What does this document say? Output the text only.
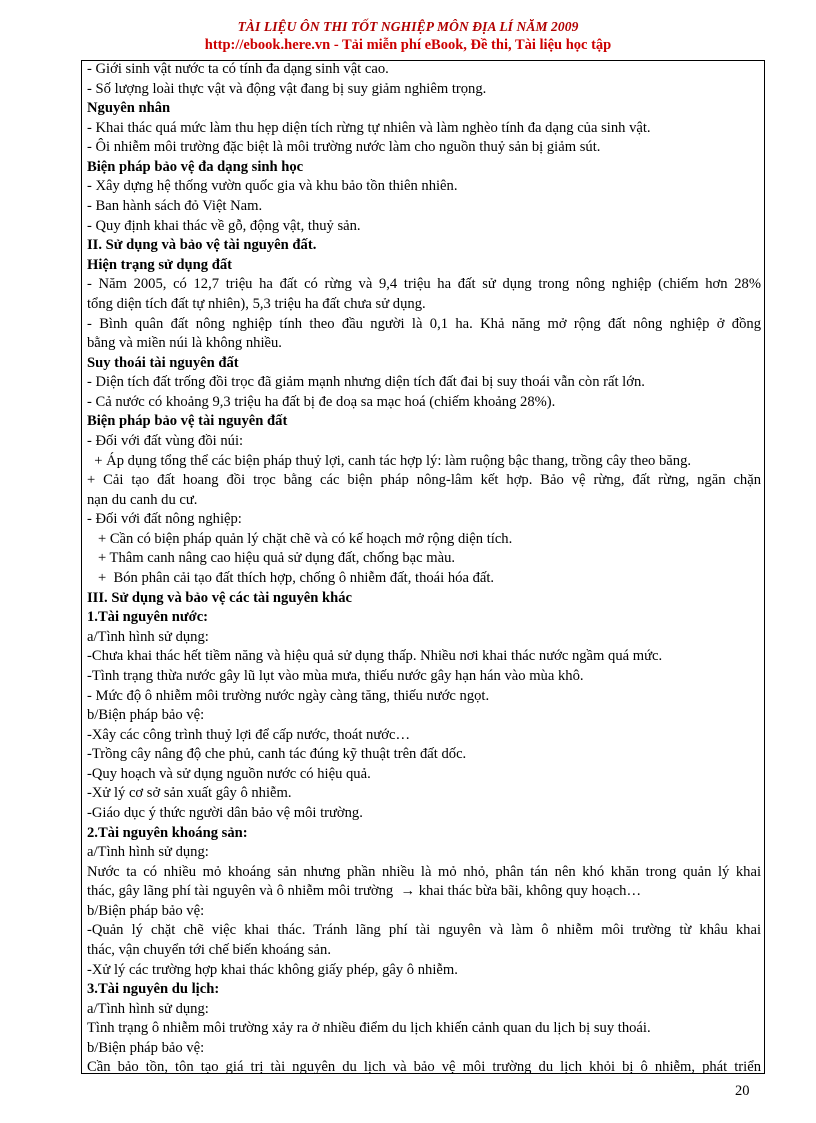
TÀI LIỆU ÔN THI TỐT NGHIỆP MÔN ĐỊA LÍ NĂM 2009
http://ebook.here.vn - Tải miễn phí eBook, Đề thi, Tài liệu học tập
- Giới sinh vật nước ta có tính đa dạng sinh vật cao.
- Số lượng loài thực vật và động vật đang bị suy giảm nghiêm trọng.
Nguyên nhân
- Khai thác quá mức làm thu hẹp diện tích rừng tự nhiên và làm nghèo tính đa dạng của sinh vật.
- Ôi nhiễm môi trường đặc biệt là môi trường nước làm cho nguồn thuỷ sản bị giảm sút.
Biện pháp bảo vệ đa dạng sinh học
- Xây dựng hệ thống vườn quốc gia và khu bảo tồn thiên nhiên.
- Ban hành sách đỏ Việt Nam.
- Quy định khai thác về gỗ, động vật, thuỷ sản.
II. Sử dụng và bảo vệ tài nguyên đất.
Hiện trạng sử dụng đất
- Năm 2005, có 12,7 triệu ha đất có rừng và 9,4 triệu ha đất sử dụng trong nông nghiệp (chiếm hơn 28%
tổng diện tích đất tự nhiên), 5,3 triệu ha đất chưa sử dụng.
- Bình quân đất nông nghiệp tính theo đầu người là 0,1 ha. Khả năng mở rộng đất nông nghiệp ở đồng
bằng và miền núi là không nhiều.
Suy thoái tài nguyên đất
- Diện tích đất trống đồi trọc đã giảm mạnh nhưng diện tích đất đai bị suy thoái vẫn còn rất lớn.
- Cả nước có khoảng 9,3 triệu ha đất bị đe doạ sa mạc hoá (chiếm khoảng 28%).
Biện pháp bảo vệ tài nguyên đất
- Đối với đất vùng đồi núi:
+ Áp dụng tổng thể các biện pháp thuỷ lợi, canh tác hợp lý: làm ruộng bậc thang, trồng cây theo băng.
+ Cải tạo đất hoang đồi trọc bằng các biện pháp nông-lâm kết hợp. Bảo vệ rừng, đất rừng, ngăn chặn
nạn du canh du cư.
- Đối với đất nông nghiệp:
+ Cần có biện pháp quản lý chặt chẽ và có kế hoạch mở rộng diện tích.
+ Thâm canh nâng cao hiệu quả sử dụng đất, chống bạc màu.
+  Bón phân cải tạo đất thích hợp, chống ô nhiễm đất, thoái hóa đất.
III. Sử dụng và bảo vệ các tài nguyên khác
1.Tài nguyên nước:
a/Tình hình sử dụng:
-Chưa khai thác hết tiềm năng và hiệu quả sử dụng thấp. Nhiều nơi khai thác nước ngầm quá mức.
-Tình trạng thừa nước gây lũ lụt vào mùa mưa, thiếu nước gây hạn hán vào mùa khô.
- Mức độ ô nhiễm môi trường nước ngày càng tăng, thiếu nước ngọt.
b/Biện pháp bảo vệ:
-Xây các công trình thuỷ lợi để cấp nước, thoát nước…
-Trồng cây nâng độ che phủ, canh tác đúng kỹ thuật trên đất dốc.
-Quy hoạch và sử dụng nguồn nước có hiệu quả.
-Xử lý cơ sở sản xuất gây ô nhiễm.
-Giáo dục ý thức người dân bảo vệ môi trường.
2.Tài nguyên khoáng sản:
a/Tình hình sử dụng:
Nước ta có nhiều mỏ khoáng sản nhưng phần nhiều là mỏ nhỏ, phân tán nên khó khăn trong quản lý khai
thác, gây lãng phí tài nguyên và ô nhiễm môi trường  → khai thác bừa bãi, không quy hoạch…
b/Biện pháp bảo vệ:
-Quản lý chặt chẽ việc khai thác. Tránh lãng phí tài nguyên và làm ô nhiễm môi trường từ khâu khai
thác, vận chuyển tới chế biến khoáng sản.
-Xử lý các trường hợp khai thác không giấy phép, gây ô nhiễm.
3.Tài nguyên du lịch:
a/Tình hình sử dụng:
Tình trạng ô nhiễm môi trường xảy ra ở nhiều điểm du lịch khiến cảnh quan du lịch bị suy thoái.
b/Biện pháp bảo vệ:
Cần bảo tồn, tôn tạo giá trị tài nguyên du lịch và bảo vệ môi trường du lịch khỏi bị ô nhiễm, phát triển
20
